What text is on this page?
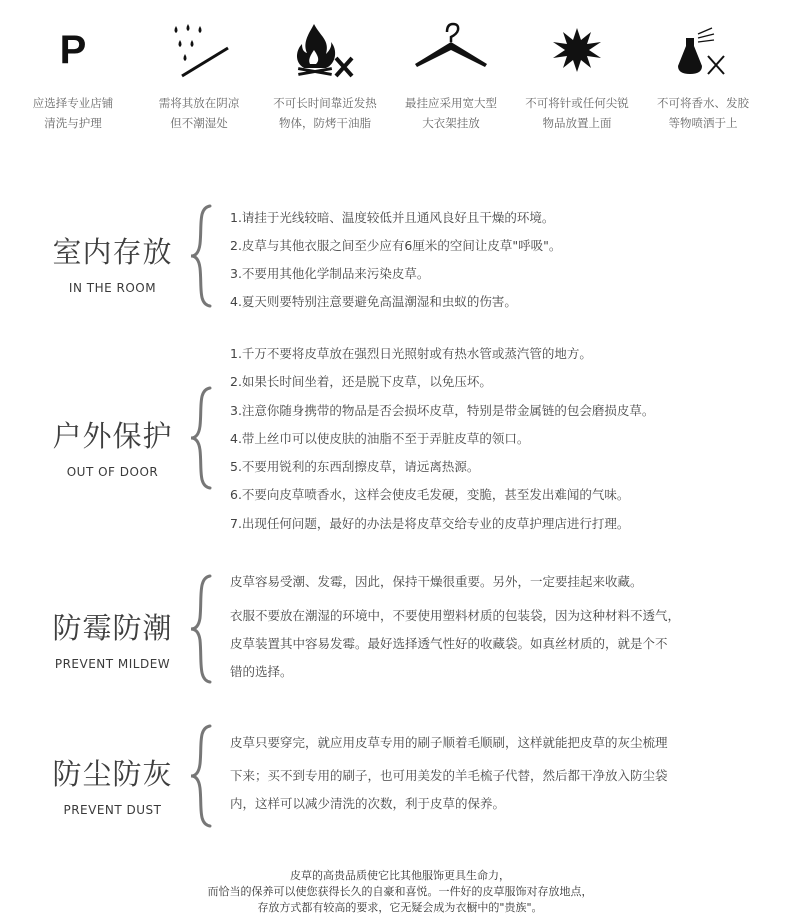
P
应选择专业店铺
清洗与护理
需将其放在阴凉
但不潮湿处
不可长时间靠近发热
物体，防烤干油脂
最挂应采用宽大型
大衣架挂放
不可将针或任何尖锐
物品放置上面
不可将香水、发胶
等物喷洒于上
室内存放
IN THE ROOM
1.请挂于光线较暗、温度较低并且通风良好且干燥的环境。
2.皮草与其他衣服之间至少应有6厘米的空间让皮草"呼吸"。
3.不要用其他化学制品来污染皮草。
4.夏天则要特别注意要避免高温潮湿和虫蚁的伤害。
户外保护
OUT OF DOOR
1.千万不要将皮草放在强烈日光照射或有热水管或蒸汽管的地方。
2.如果长时间坐着，还是脱下皮草，以免压坏。
3.注意你随身携带的物品是否会损坏皮草，特别是带金属链的包会磨损皮草。
4.带上丝巾可以使皮肤的油脂不至于弄脏皮草的领口。
5.不要用锐利的东西刮擦皮草，请远离热源。
6.不要向皮草喷香水，这样会使皮毛发硬，变脆，甚至发出难闻的气味。
7.出现任何问题，最好的办法是将皮草交给专业的皮草护理店进行打理。
防霉防潮
PREVENT MILDEW
皮草容易受潮、发霉，因此，保持干燥很重要。另外，一定要挂起来收藏。
衣服不要放在潮湿的环境中，不要使用塑料材质的包装袋，因为这种材料不透气，
皮草装置其中容易发霉。最好选择透气性好的收藏袋。如真丝材质的，就是个不
错的选择。
防尘防灰
PREVENT DUST
皮草只要穿完，就应用皮草专用的刷子顺着毛顺刷，这样就能把皮草的灰尘梳理
下来；买不到专用的刷子，也可用美发的羊毛梳子代替，然后都干净放入防尘袋
内，这样可以减少清洗的次数，利于皮草的保养。
皮草的高贵品质使它比其他服饰更具生命力，
而恰当的保养可以使您获得长久的自豪和喜悦。一件好的皮草服饰对存放地点，
存放方式都有较高的要求，它无疑会成为衣橱中的"贵族"。
